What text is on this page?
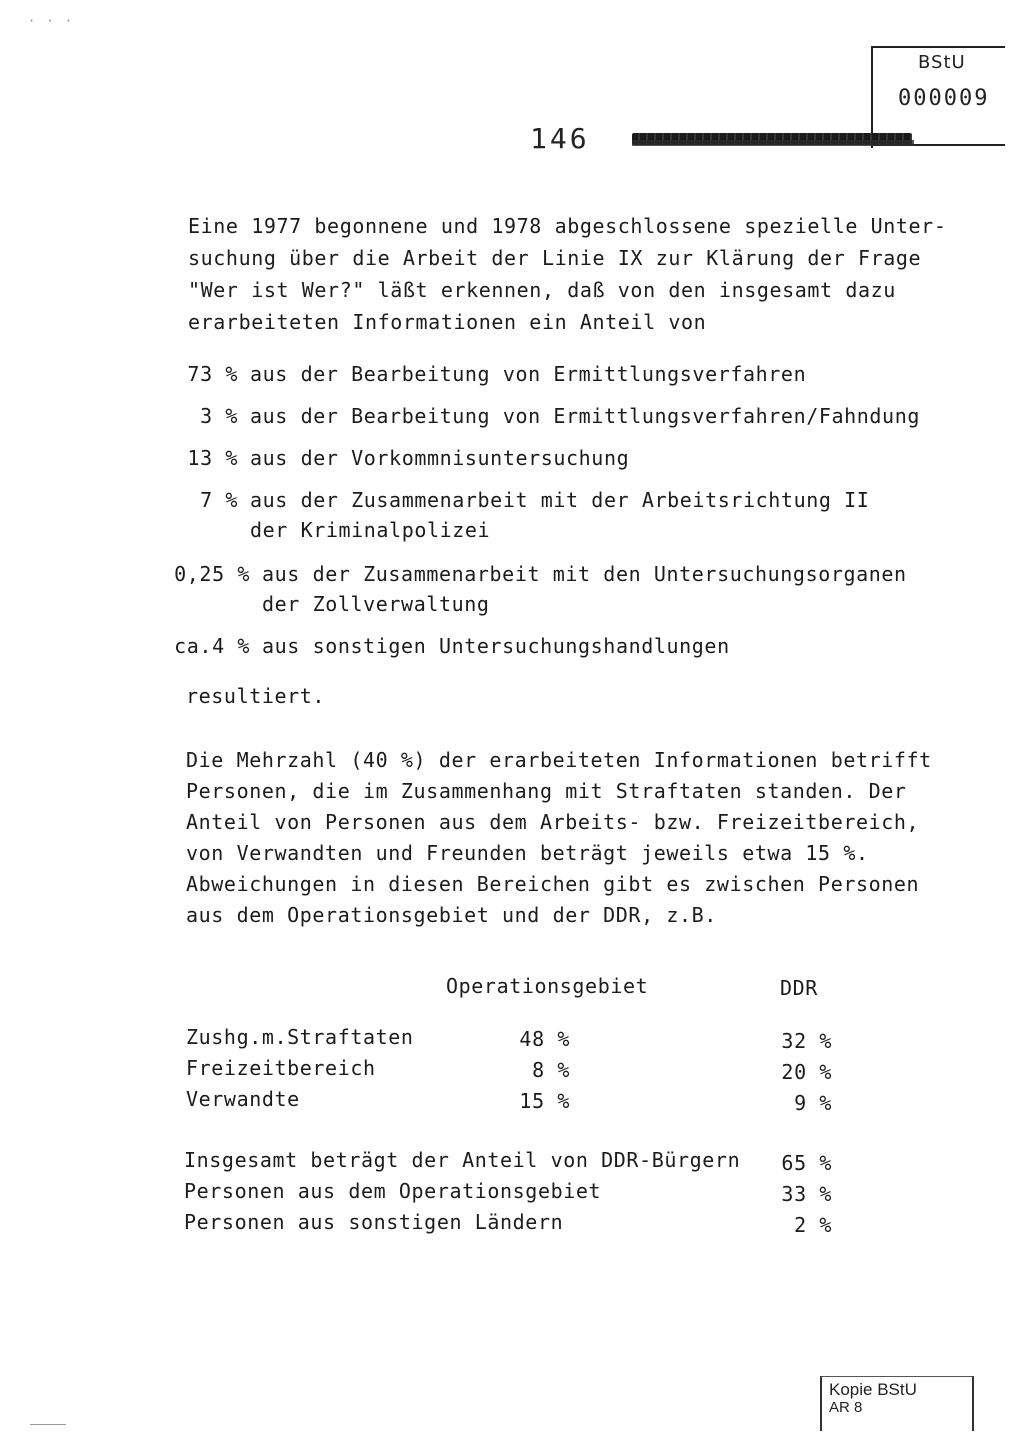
· · ·
BStU
000009
146
Eine 1977 begonnene und 1978 abgeschlossene spezielle Unter-
suchung über die Arbeit der Linie IX zur Klärung der Frage
"Wer ist Wer?" läßt erkennen, daß von den insgesamt dazu
erarbeiteten Informationen ein Anteil von
73 % aus der Bearbeitung von Ermittlungsverfahren
3 % aus der Bearbeitung von Ermittlungsverfahren/Fahndung
13 % aus der Vorkommnisuntersuchung
7 % aus der Zusammenarbeit mit der Arbeitsrichtung II
der Kriminalpolizei
0,25 % aus der Zusammenarbeit mit den Untersuchungsorganen
der Zollverwaltung
ca.4 % aus sonstigen Untersuchungshandlungen
resultiert.
Die Mehrzahl (40 %) der erarbeiteten Informationen betrifft
Personen, die im Zusammenhang mit Straftaten standen. Der
Anteil von Personen aus dem Arbeits- bzw. Freizeitbereich,
von Verwandten und Freunden beträgt jeweils etwa 15 %.
Abweichungen in diesen Bereichen gibt es zwischen Personen
aus dem Operationsgebiet und der DDR, z.B.
Operationsgebiet	DDR
Zushg.m.Straftaten	48 %	32 %
Freizeitbereich	8 %	20 %
Verwandte	15 %	9 %
Insgesamt beträgt der Anteil von DDR-Bürgern	65 %
Personen aus dem Operationsgebiet	33 %
Personen aus sonstigen Ländern	2 %
Kopie BStU
AR 8
